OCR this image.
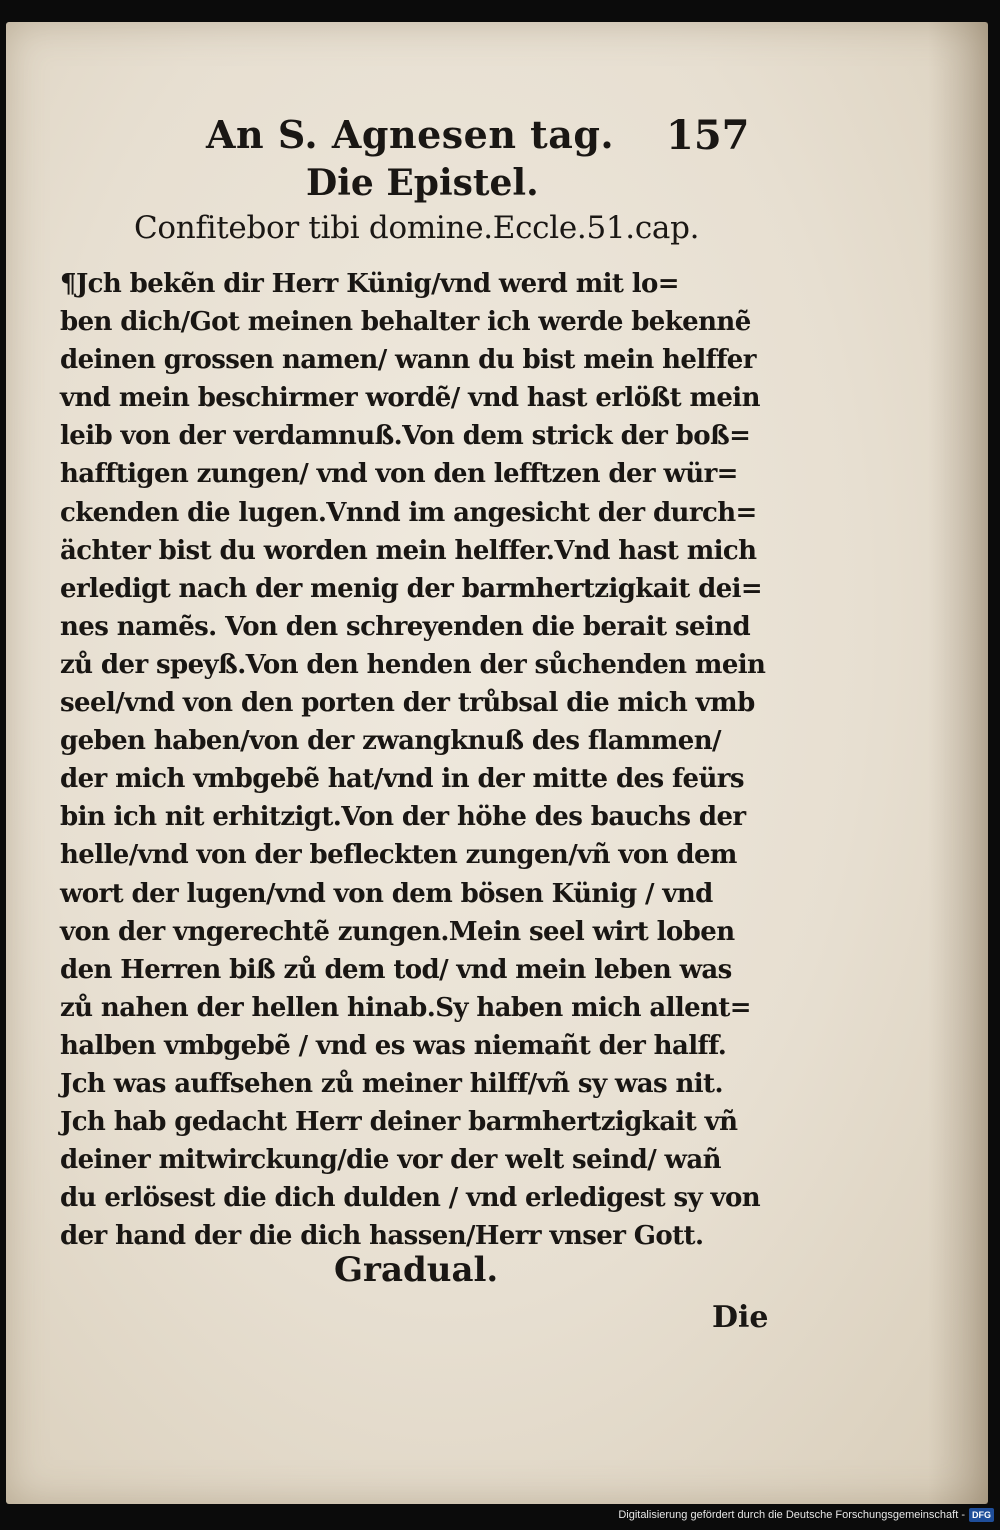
An S. Agnesen tag. 157
Die Epistel.
Confitebor tibi domine.Eccle.51.cap.
¶Jch bekẽn dir Herr Künig/vnd werd mit lo=
ben dich/Got meinen behalter ich werde bekennẽ
deinen grossen namen/ wann du bist mein helffer
vnd mein beschirmer wordẽ/ vnd hast erlößt mein
leib von der verdamnuß.Von dem strick der boß=
hafftigen zungen/ vnd von den lefftzen der wür=
ckenden die lugen.Vnnd im angesicht der durch=
ächter bist du worden mein helffer.Vnd hast mich
erledigt nach der menig der barmhertzigkait dei=
nes namẽs. Von den schreyenden die berait seind
zů der speyß.Von den henden der sůchenden mein
seel/vnd von den porten der trůbsal die mich vmb
geben haben/von der zwangknuß des flammen/
der mich vmbgebẽ hat/vnd in der mitte des feürs
bin ich nit erhitzigt.Von der höhe des bauchs der
helle/vnd von der befleckten zungen/vñ von dem
wort der lugen/vnd von dem bösen Künig / vnd
von der vngerechtẽ zungen.Mein seel wirt loben
den Herren biß zů dem tod/ vnd mein leben was
zů nahen der hellen hinab.Sy haben mich allent=
halben vmbgebẽ / vnd es was niemañt der halff.
Jch was auffsehen zů meiner hilff/vñ sy was nit.
Jch hab gedacht Herr deiner barmhertzigkait vñ
deiner mitwirckung/die vor der welt seind/ wañ
du erlösest die dich dulden / vnd erledigest sy von
der hand der die dich hassen/Herr vnser Gott.
Gradual.
Die
Digitalisierung gefördert durch die Deutsche Forschungsgemeinschaft - DFG
